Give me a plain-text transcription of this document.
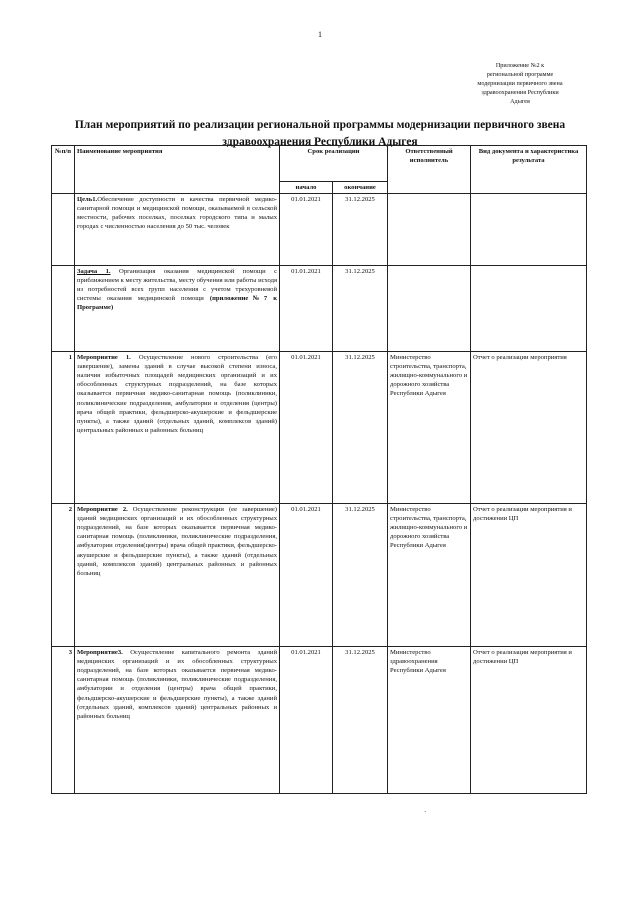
1
Приложение №2 к
региональной программе
модернизации первичного звена
здравоохранения Республики
Адыгея
План мероприятий по реализации региональной программы модернизации первичного звена
здравоохранения Республики Адыгея
№п/п	Наименование мероприятия	Срок реализации		Ответственный исполнитель	Вид документа и характеристика результата
		начало	окончание		
	Цель1.Обеспечение доступности и качества первичной медико-санитарной помощи и медицинской помощи, оказываемой в сельской местности, рабочих поселках, поселках городского типа и малых городах с численностью населения до 50 тыс. человек	01.01.2021	31.12.2025		
	Задача 1. Организация оказания медицинской помощи с приближением к месту жительства, месту обучения или работы исходя из потребностей всех групп населения с учетом трехуровневой системы оказания медицинской помощи (приложение№7 к Программе)	01.01.2021	31.12.2025		
1	Мероприятие 1. Осуществление нового строительства (его завершение), замены зданий в случае высокой степени износа, наличия избыточных площадей медицинских организаций и их обособленных структурных подразделений, на базе которых оказывается первичная медико-санитарная помощь (поликлиники, поликлинические подразделения, амбулатории и отделения (центры) врача общей практики, фельдшерско-акушерские и фельдшерские пункты), а также зданий (отдельных зданий, комплексов зданий) центральных районных и районных больниц	01.01.2021	31.12.2025	Министерство строительства, транспорта, жилищно-коммунального и дорожного хозяйства Республики Адыгея	Отчет о реализации мероприятия
2	Мероприятие 2. Осуществление реконструкции (ее завершение) зданий медицинских организаций и их обособленных структурных подразделений, на базе которых оказывается первичная медико-санитарная помощь (поликлиники, поликлинические подразделения, амбулатории отделения(центры) врача общей практики, фельдшерско-акушерские и фельдшерские пункты), а также зданий (отдельных зданий, комплексов зданий) центральных районных и районных больниц	01.01.2021	31.12.2025	Министерство строительства, транспорта, жилищно-коммунального и дорожного хозяйства Республики Адыгея	Отчет о реализации мероприятия и достижении ЦП
3	Мероприятие3. Осуществление капитального ремонта зданий медицинских организаций и их обособленных структурных подразделений, на базе которых оказывается первичная медико-санитарная помощь (поликлиники, поликлинические подразделения, амбулатории и отделения (центры) врача общей практики, фельдшерско-акушерские и фельдшерские пункты), а также зданий (отдельных зданий, комплексов зданий) центральных районных и районных больниц	01.01.2021	31.12.2025	Министерство здравоохранения Республики Адыгея	Отчет о реализации мероприятия и достижении ЦП
·
